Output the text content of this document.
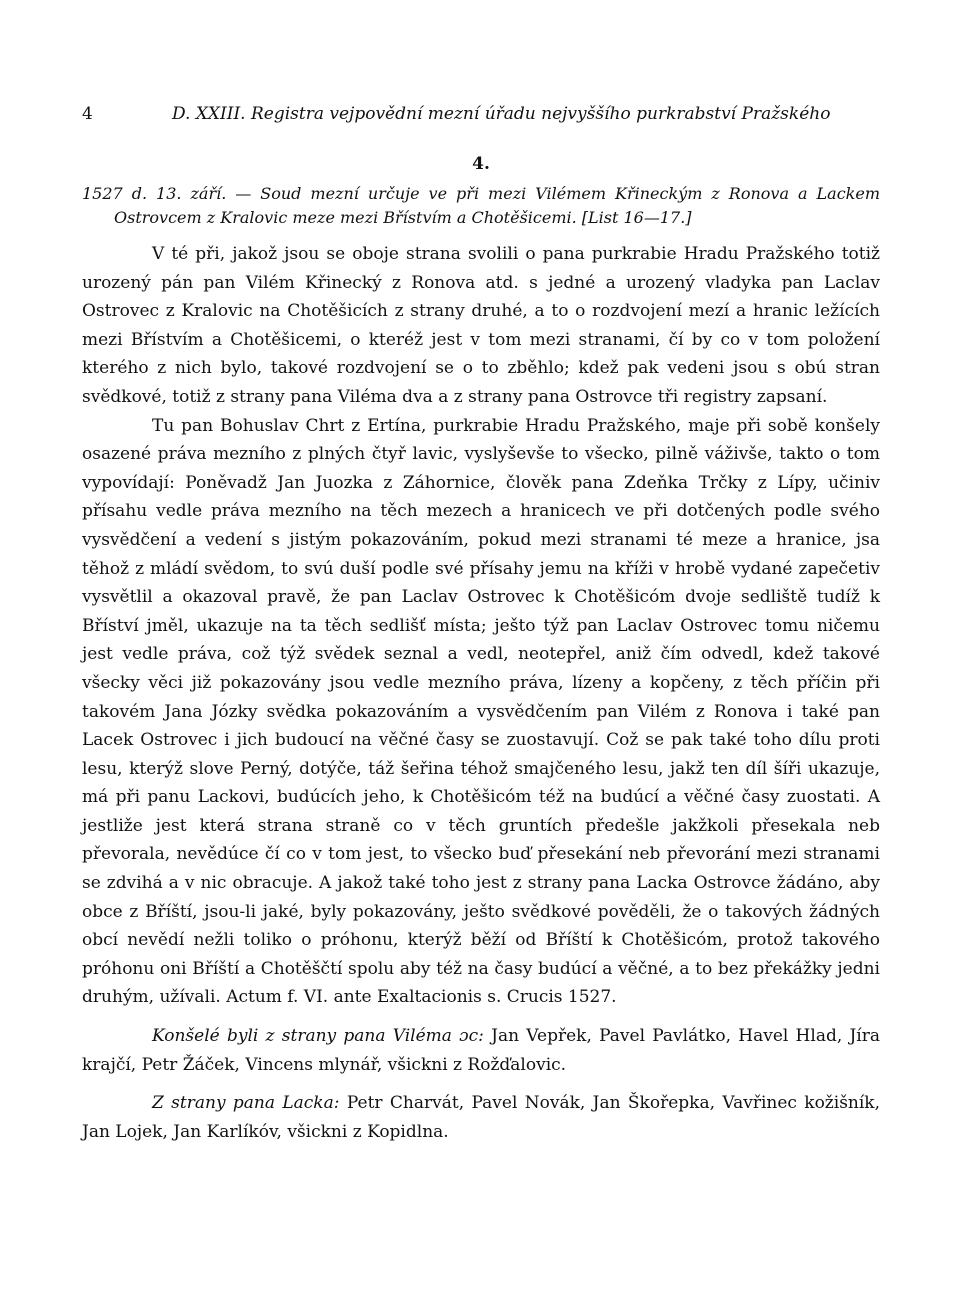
4	D. XXIII. Registra vejpovědní mezní úřadu nejvyššího purkrabství Pražského
4.
1527 d. 13. září. — Soud mezní určuje ve při mezi Vilémem Křineckým z Ronova a Lackem Ostrovcem z Kralovic meze mezi Břístvím a Chotěšicemi. [List 16—17.]

V té při, jakož jsou se oboje strana svolili o pana purkrabie Hradu Pražského totiž urozený pán pan Vilém Křinecký z Ronova atd. s jedné a urozený vladyka pan Laclav Ostrovec z Kralovic na Chotěšicích z strany druhé, a to o rozdvojení mezí a hranic ležících mezi Břístvím a Chotěšicemi, o kteréž jest v tom mezi stranami, čí by co v tom položení kterého z nich bylo, takové rozdvojení se o to zběhlo; kdež pak vedeni jsou s obú stran svědkové, totiž z strany pana Viléma dva a z strany pana Ostrovce tři registry zapsaní.

Tu pan Bohuslav Chrt z Ertína, purkrabie Hradu Pražského, maje při sobě konšely osazené práva mezního z plných čtyř lavic, vyslyševše to všecko, pilně váživše, takto o tom vypovídají: Poněvadž Jan Juozka z Záhornice, člověk pana Zdeňka Trčky z Lípy, učiniv přísahu vedle práva mezního na těch mezech a hranicech ve při dotčených podle svého vysvědčení a vedení s jistým pokazováním, pokud mezi stranami té meze a hranice, jsa těhož z mládí svědom, to svú duší podle své přísahy jemu na kříži v hrobě vydané zapečetiv vysvětlil a okazoval pravě, že pan Laclav Ostrovec k Chotěšicóm dvoje sedliště tudíž k Bříství jměl, ukazuje na ta těch sedlišť místa; ješto týž pan Laclav Ostrovec tomu ničemu jest vedle práva, což týž svědek seznal a vedl, neotepřel, aniž čím odvedl, kdež takové všecky věci již pokazovány jsou vedle mezního práva, lízeny a kopčeny, z těch příčin při takovém Jana Józky svědka pokazováním a vysvědčením pan Vilém z Ronova i také pan Lacek Ostrovec i jich budoucí na věčné časy se zuostavují. Což se pak také toho dílu proti lesu, kterýž slove Perný, dotýče, táž šeřina téhož smajčeného lesu, jakž ten díl šíři ukazuje, má při panu Lackovi, budúcích jeho, k Chotěšicóm též na budúcí a věčné časy zuostati. A jestliže jest která strana straně co v těch gruntích předešle jakžkoli přesekala neb převorala, nevědúce čí co v tom jest, to všecko buď přesekání neb převorání mezi stranami se zdvihá a v nic obracuje. A jakož také toho jest z strany pana Lacka Ostrovce žádáno, aby obce z Bříští, jsou-li jaké, byly pokazovány, ješto svědkové pověděli, že o takových žádných obcí nevědí nežli toliko o próhonu, kterýž běží od Bříští k Chotěšicóm, protož takového próhonu oni Bříští a Chotěščtí spolu aby též na časy budúcí a věčné, a to bez překážky jedni druhým, užívali. Actum f. VI. ante Exaltacionis s. Crucis 1527.

Konšelé byli z strany pana Viléma ɔc: Jan Vepřek, Pavel Pavlátko, Havel Hlad, Jíra krajčí, Petr Žáček, Vincens mlynář, všickni z Rožďalovic.

Z strany pana Lacka: Petr Charvát, Pavel Novák, Jan Škořepka, Vavřinec kožišník, Jan Lojek, Jan Karlíkóv, všickni z Kopidlna.
